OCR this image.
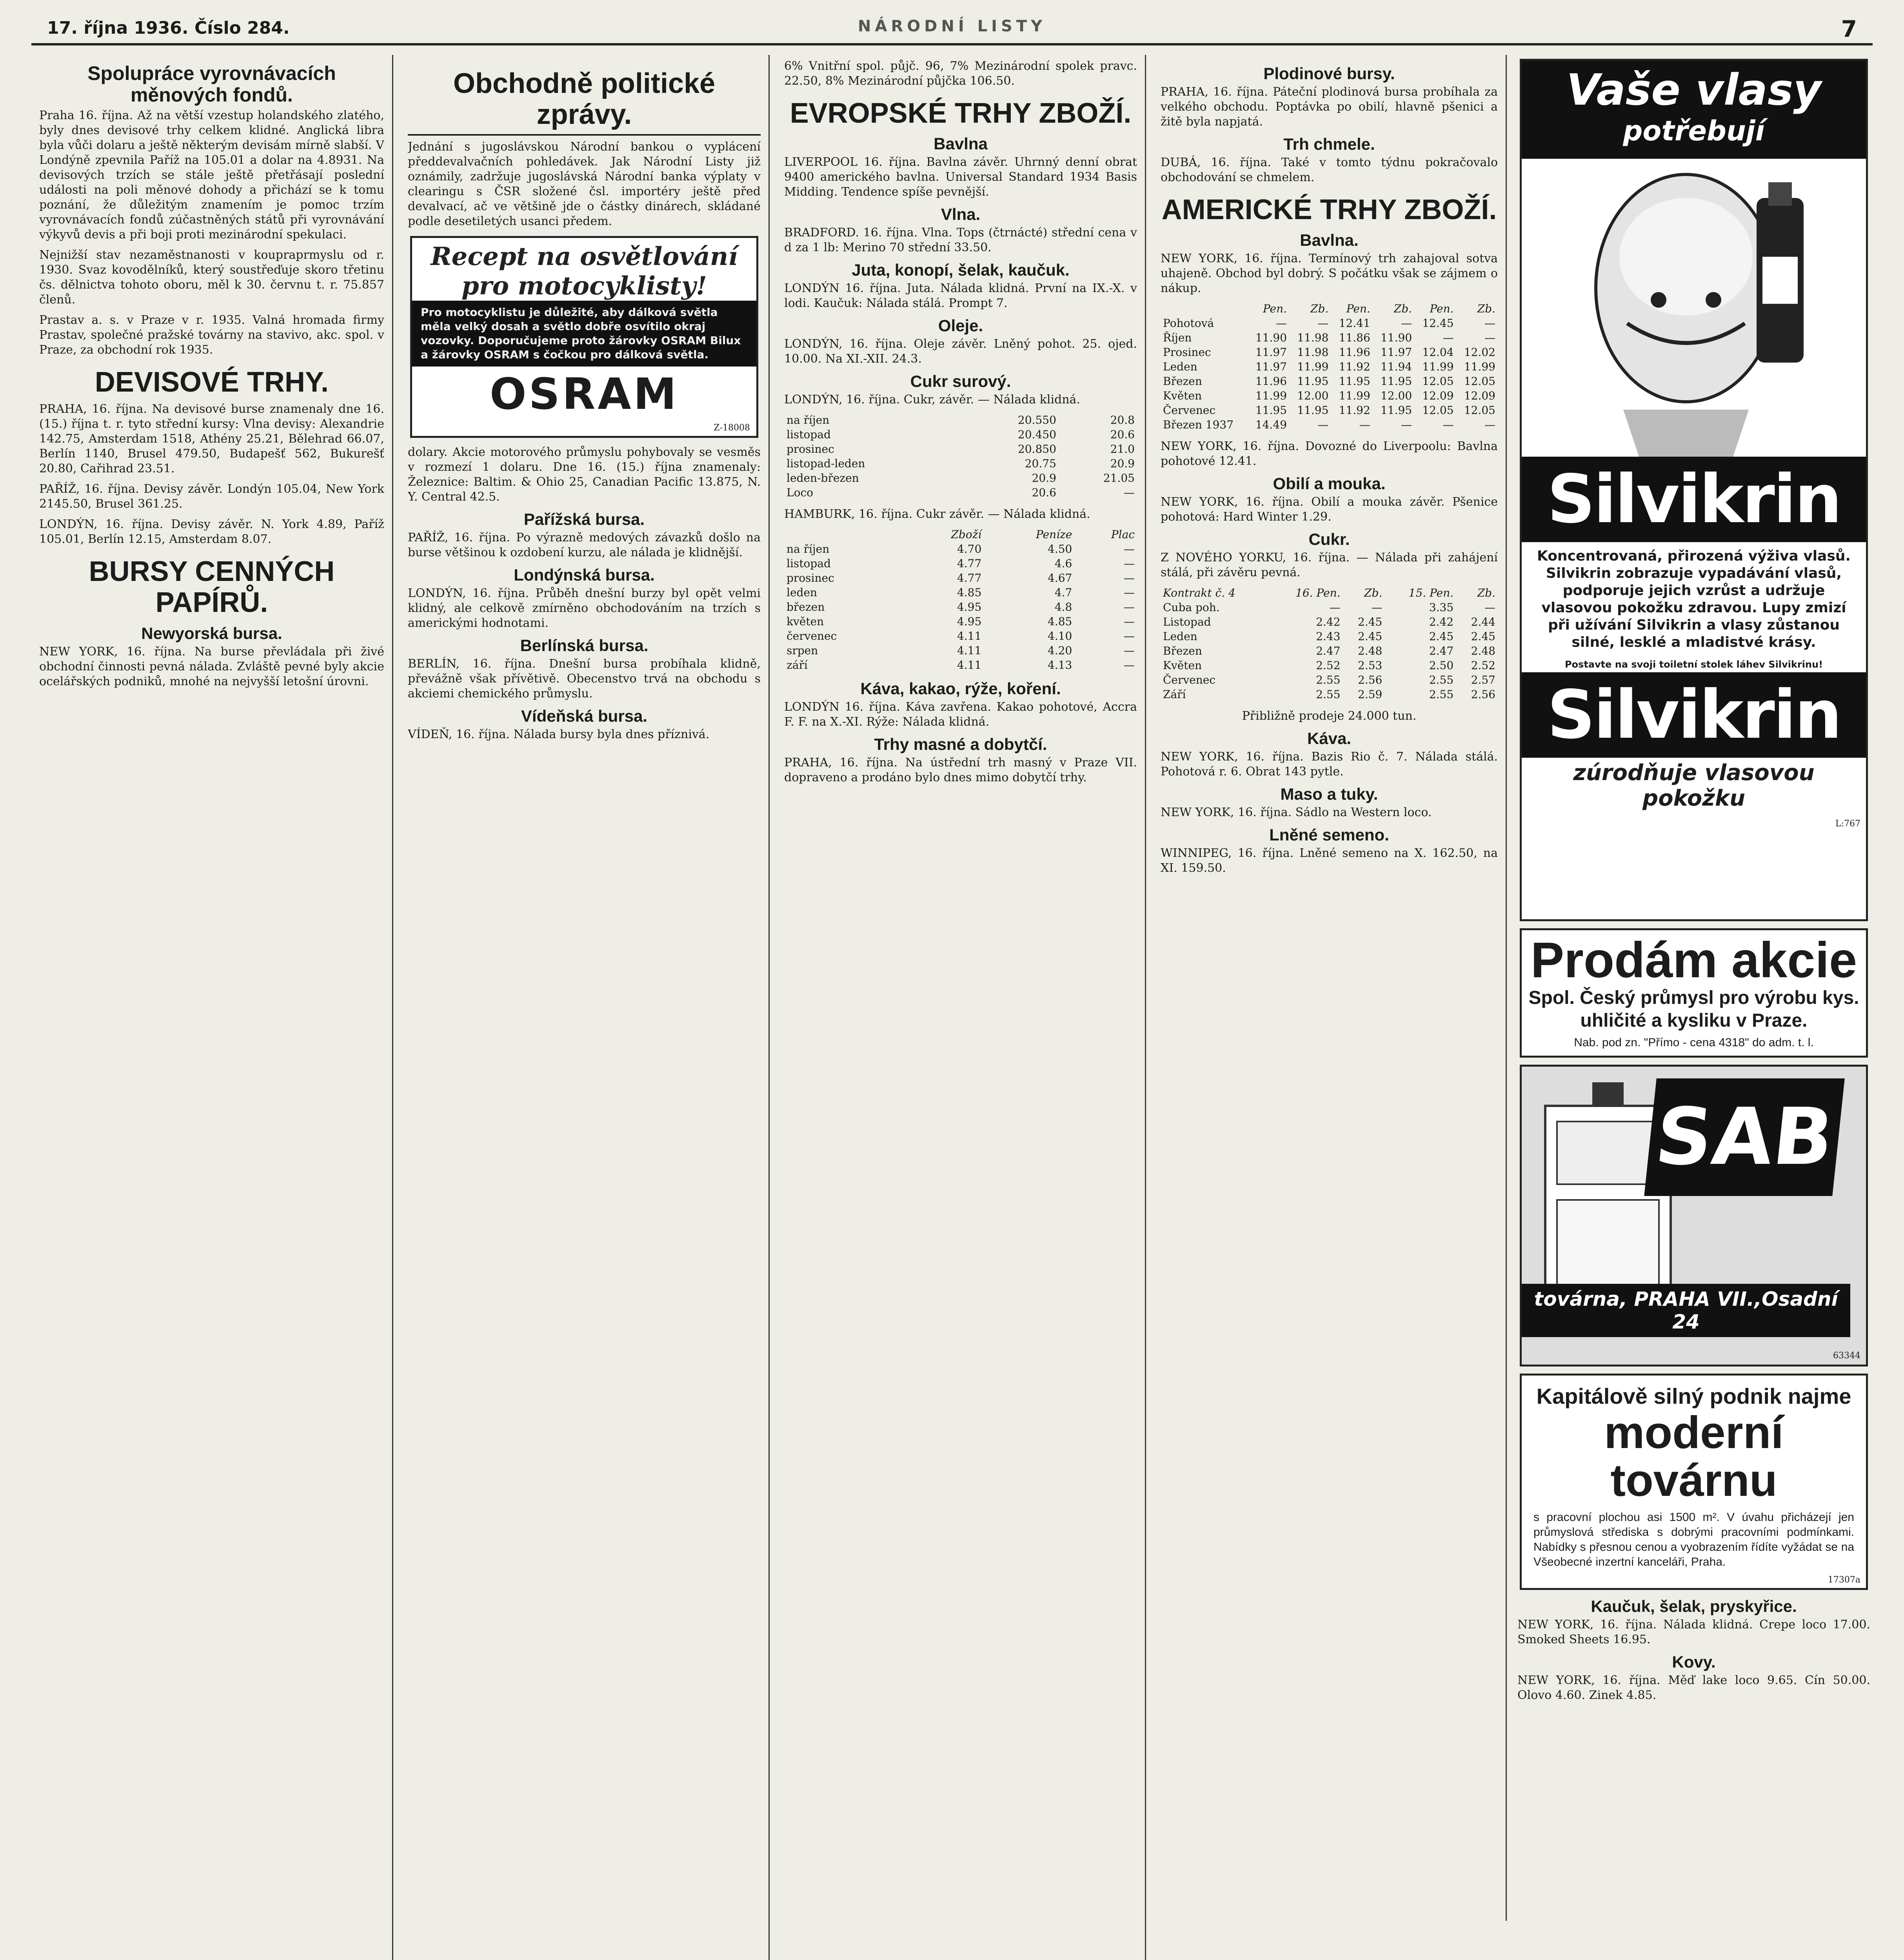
17. října 1936. Číslo 284.	NÁRODNÍ LISTY	7
Spolupráce vyrovnávacích měnových fondů.

Praha 16. října. Až na větší vzestup holandského zlatého, byly dnes devisové trhy celkem klidné. Anglická libra byla vůči dolaru a ještě některým devisám mírně slabší. V Londýně zpevnila Paříž na 105.01 a dolar na 4.8931. Na devisových trzích se stále ještě přetřásají poslední události na poli měnové dohody a přichází se k tomu poznání, že důležitým znamením je pomoc trzím vyrovnávacích fondů zúčastněných států při vyrovnávání výkyvů devis a při boji proti mezinárodní spekulaci.

Nejnižší stav nezaměstnanosti v koupraprmyslu od r. 1930. Svaz kovodělníků, který soustřeďuje skoro třetinu čs. dělnictva tohoto oboru, měl k 30. červnu t. r. 75.857 členů.

Prastav a. s. v Praze v r. 1935. Valná hromada firmy Prastav, společné pražské továrny na stavivo, akc. spol. v Praze, za obchodní rok 1935.

DEVISOVÉ TRHY.

PRAHA, 16. října. Na devisové burse znamenaly dne 16. (15.) října t. r. tyto střední kursy: Vlna devisy: Alexandrie 142.75, Amsterdam 1518, Athény 25.21, Bělehrad 66.07, Berlín 1140, Brusel 479.50, Budapešť 562, Bukurešť 20.80, Cařihrad 23.51.

PAŘÍŽ, 16. října. Devisy závěr. Londýn 105.04, New York 2145.50, Brusel 361.25.

LONDÝN, 16. října. Devisy závěr. N. York 4.89, Paříž 105.01, Berlín 12.15, Amsterdam 8.07.

BURSY CENNÝCH PAPÍRŮ.
Newyorská bursa.

NEW YORK, 16. října. Na burse převládala při živé obchodní činnosti pevná nálada. Zvláště pevné byly akcie ocelářských podniků, mnohé na nejvyšší letošní úrovni.

Obchodně politické zprávy.

Jednání s jugoslávskou Národní bankou o vyplácení předdevalvačních pohledávek. Jak Národní Listy již oznámily, zadržuje jugoslávská Národní banka výplaty v clearingu s ČSR složené čsl. importéry ještě před devalvací, ač ve většině jde o částky dinárech, skládané podle desetiletých usanci předem.

Recept na osvětlování pro motocyklisty!
Pro motocyklistu je důležité, aby dálková světla měla velký dosah a světlo dobře osvítilo okraj vozovky. Doporučujeme proto žárovky OSRAM Bilux a žárovky OSRAM s čočkou pro dálková světla.
OSRAM
Z-18008

dolary. Akcie motorového průmyslu pohybovaly se vesměs v rozmezí 1 dolaru. Dne 16. (15.) října znamenaly: Železnice: Baltim. & Ohio 25, Canadian Pacific 13.875, N. Y. Central 42.5.

Pařížská bursa.

PAŘÍŽ, 16. října. Po výrazně medových závazků došlo na burse většinou k ozdobení kurzu, ale nálada je klidnější.

Londýnská bursa.

LONDÝN, 16. října. Průběh dnešní burzy byl opět velmi klidný, ale celkově zmírněno obchodováním na trzích s americkými hodnotami.

Berlínská bursa.

BERLÍN, 16. října. Dnešní bursa probíhala klidně, převážně však přívětivě. Obecenstvo trvá na obchodu s akciemi chemického průmyslu.

Vídeňská bursa.

VÍDEŇ, 16. října. Nálada bursy byla dnes příznivá.

6% Vnitřní spol. půjč. 96, 7% Mezinárodní spolek pravc. 22.50, 8% Mezinárodní půjčka 106.50.

EVROPSKÉ TRHY ZBOŽÍ.
Bavlna

LIVERPOOL 16. října. Bavlna závěr. Uhrnný denní obrat 9400 amerického bavlna. Universal Standard 1934 Basis Midding. Tendence spíše pevnější.

Vlna.

BRADFORD. 16. října. Vlna. Tops (čtrnácté) střední cena v d za 1 lb: Merino 70 střední 33.50.

Juta, konopí, šelak, kaučuk.

LONDÝN 16. října. Juta. Nálada klidná. První na IX.-X. v lodi. Kaučuk: Nálada stálá. Prompt 7.

Oleje.

LONDÝN, 16. října. Oleje závěr. Lněný pohot. 25. ojed. 10.00. Na XI.-XII. 24.3.

Cukr surový.

LONDÝN, 16. října. Cukr, závěr. — Nálada klidná.

na říjen	20.550	20.8
listopad	20.450	20.6
prosinec	20.850	21.0
listopad-leden	20.75	20.9
leden-březen	20.9	21.05
Loco	20.6	—

HAMBURK, 16. října. Cukr závěr. — Nálada klidná.

	Zboží	Peníze	Plac
na říjen	4.70	4.50	—
listopad	4.77	4.6	—
prosinec	4.77	4.67	—
leden	4.85	4.7	—
březen	4.95	4.8	—
květen	4.95	4.85	—
červenec	4.11	4.10	—
srpen	4.11	4.20	—
září	4.11	4.13	—
Káva, kakao, rýže, koření.

LONDÝN 16. října. Káva zavřena. Kakao pohotové, Accra F. F. na X.-XI. Rýže: Nálada klidná.

Trhy masné a dobytčí.

PRAHA, 16. října. Na ústřední trh masný v Praze VII. dopraveno a prodáno bylo dnes mimo dobytčí trhy.

Plodinové bursy.

PRAHA, 16. října. Páteční plodinová bursa probíhala za velkého obchodu. Poptávka po obilí, hlavně pšenici a žitě byla napjatá.

Trh chmele.

DUBÁ, 16. října. Také v tomto týdnu pokračovalo obchodování se chmelem.

AMERICKÉ TRHY ZBOŽÍ.
Bavlna.

NEW YORK, 16. října. Termínový trh zahajoval sotva uhajeně. Obchod byl dobrý. S počátku však se zájmem o nákup.

	Pen.	Zb.	Pen.	Zb.	Pen.	Zb.
Pohotová	—	—	12.41	—	12.45	—
Říjen	11.90	11.98	11.86	11.90	—	—
Prosinec	11.97	11.98	11.96	11.97	12.04	12.02
Leden	11.97	11.99	11.92	11.94	11.99	11.99
Březen	11.96	11.95	11.95	11.95	12.05	12.05
Květen	11.99	12.00	11.99	12.00	12.09	12.09
Červenec	11.95	11.95	11.92	11.95	12.05	12.05
Březen 1937	14.49	—	—	—	—	—

NEW YORK, 16. října. Dovozné do Liverpoolu: Bavlna pohotové 12.41.

Obilí a mouka.

NEW YORK, 16. října. Obilí a mouka závěr. Pšenice pohotová: Hard Winter 1.29.

Cukr.

Z NOVÉHO YORKU, 16. října. — Nálada při zahájení stálá, při závěru pevná.

Kontrakt č. 4	16. Pen.	Zb.	15. Pen.	Zb.
Cuba poh.	—	—	3.35	—
Listopad	2.42	2.45	2.42	2.44
Leden	2.43	2.45	2.45	2.45
Březen	2.47	2.48	2.47	2.48
Květen	2.52	2.53	2.50	2.52
Červenec	2.55	2.56	2.55	2.57
Září	2.55	2.59	2.55	2.56

Přibližně prodeje 24.000 tun.

Káva.

NEW YORK, 16. října. Bazis Rio č. 7. Nálada stálá. Pohotová r. 6. Obrat 143 pytle.

Maso a tuky.

NEW YORK, 16. října. Sádlo na Western loco.

Lněné semeno.

WINNIPEG, 16. října. Lněné semeno na X. 162.50, na XI. 159.50.

Vaše vlasy
potřebují
Silvikrin
Koncentrovaná, přirozená výživa vlasů. Silvikrin zobrazuje vypadávání vlasů, podporuje jejich vzrůst a udržuje vlasovou pokožku zdravou. Lupy zmizí při užívání Silvikrin a vlasy zůstanou silné, lesklé a mladistvé krásy.
Postavte na svoji toiletní stolek láhev Silvikrinu!
Silvikrin
zúrodňuje vlasovou pokožku
L:767
Prodám akcie
Spol. Český průmysl pro výrobu kys. uhličité a kysliku v Praze.
Nab. pod zn. "Přímo - cena 4318" do adm. t. l.
SAB
továrna, PRAHA VII.,Osadní 24
63344
Kapitálově silný podnik najme
moderní továrnu
s pracovní plochou asi 1500 m². V úvahu přicházejí jen průmyslová střediska s dobrými pracovními podmínkami. Nabídky s přesnou cenou a vyobrazením řídíte vyžádat se na Všeobecné inzertní kanceláři, Praha.
17307a
Kaučuk, šelak, pryskyřice.

NEW YORK, 16. října. Nálada klidná. Crepe loco 17.00. Smoked Sheets 16.95.

Kovy.

NEW YORK, 16. října. Měď lake loco 9.65. Cín 50.00. Olovo 4.60. Zinek 4.85.
